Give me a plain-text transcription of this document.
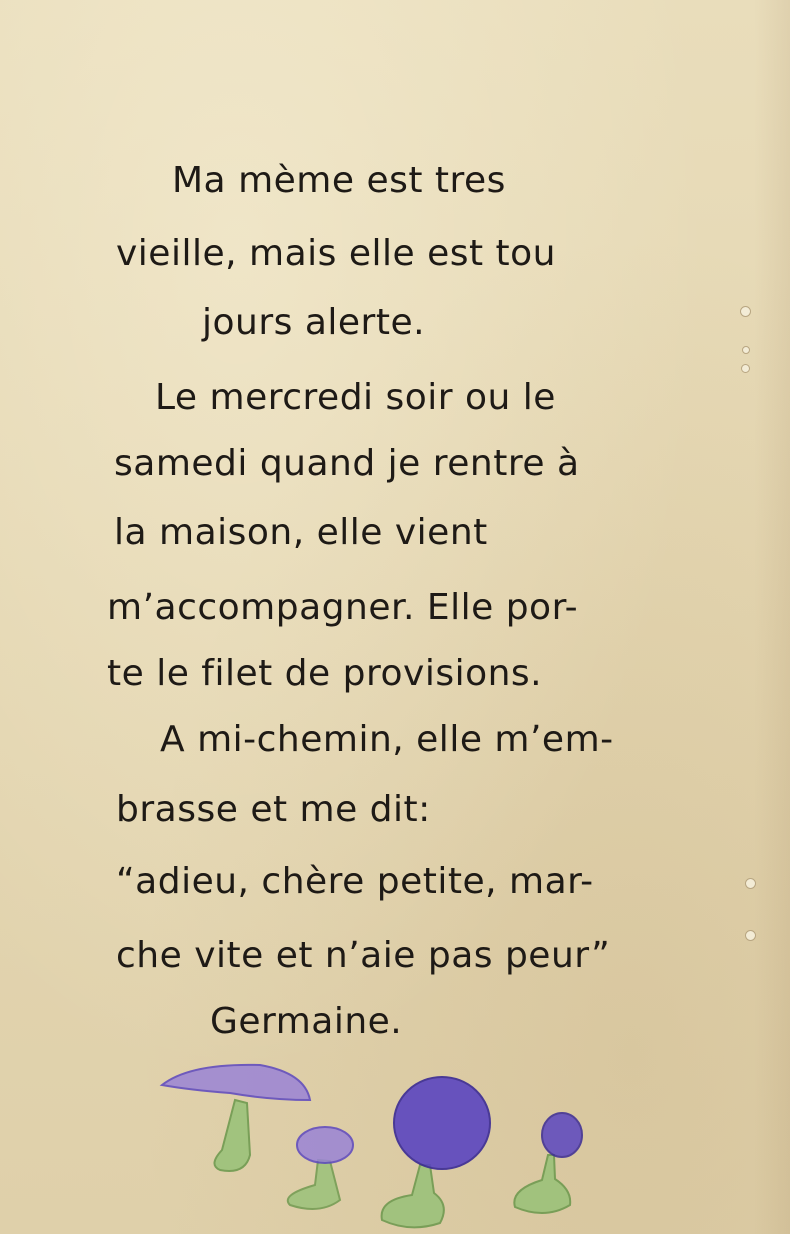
Ma mème est tres
vieille, mais elle est tou
jours alerte.
Le mercredi soir ou le
samedi quand je rentre à
la maison, elle vient
m’accompagner. Elle por-
te le filet de provisions.
A mi-chemin, elle m’em-
brasse et me dit:
“adieu, chère petite, mar-
che vite et n’aie pas peur”
Germaine.
